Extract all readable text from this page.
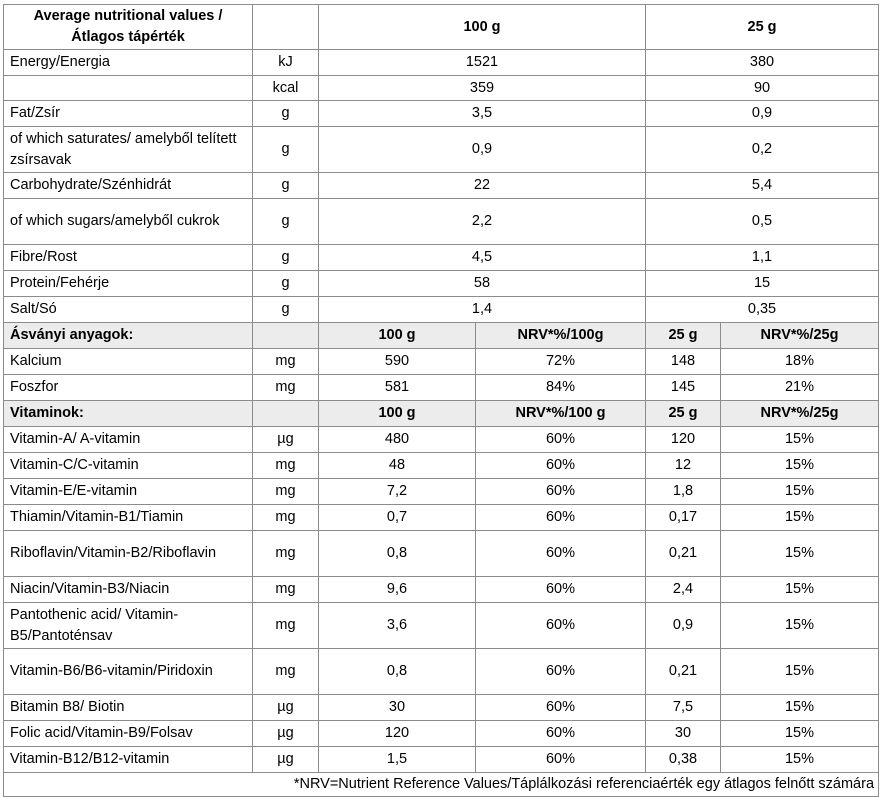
Average nutritional values / Átlagos tápérték		100 g		25 g	
Energy/Energia	kJ	1521		380	
	kcal	359		90	
Fat/Zsír	g	3,5		0,9	
of which saturates/ amelyből telített zsírsavak	g	0,9		0,2	
Carbohydrate/Szénhidrát	g	22		5,4	
of which sugars/amelyből cukrok	g	2,2		0,5	
Fibre/Rost	g	4,5		1,1	
Protein/Fehérje	g	58		15	
Salt/Só	g	1,4		0,35	
Ásványi anyagok:		100 g	NRV*%/100g	25 g	NRV*%/25g
Kalcium	mg	590	72%	148	18%
Foszfor	mg	581	84%	145	21%
Vitaminok:		100 g	NRV*%/100 g	25 g	NRV*%/25g
Vitamin-A/ A-vitamin	µg	480	60%	120	15%
Vitamin-C/C-vitamin	mg	48	60%	12	15%
Vitamin-E/E-vitamin	mg	7,2	60%	1,8	15%
Thiamin/Vitamin-B1/Tiamin	mg	0,7	60%	0,17	15%
Riboflavin/Vitamin-B2/Riboflavin	mg	0,8	60%	0,21	15%
Niacin/Vitamin-B3/Niacin	mg	9,6	60%	2,4	15%
Pantothenic acid/ Vitamin-B5/Pantoténsav	mg	3,6	60%	0,9	15%
Vitamin-B6/B6-vitamin/Piridoxin	mg	0,8	60%	0,21	15%
Bitamin B8/ Biotin	µg	30	60%	7,5	15%
Folic acid/Vitamin-B9/Folsav	µg	120	60%	30	15%
Vitamin-B12/B12-vitamin	µg	1,5	60%	0,38	15%
*NRV=Nutrient Reference Values/Táplálkozási referenciaérték egy átlagos felnőtt számára					
